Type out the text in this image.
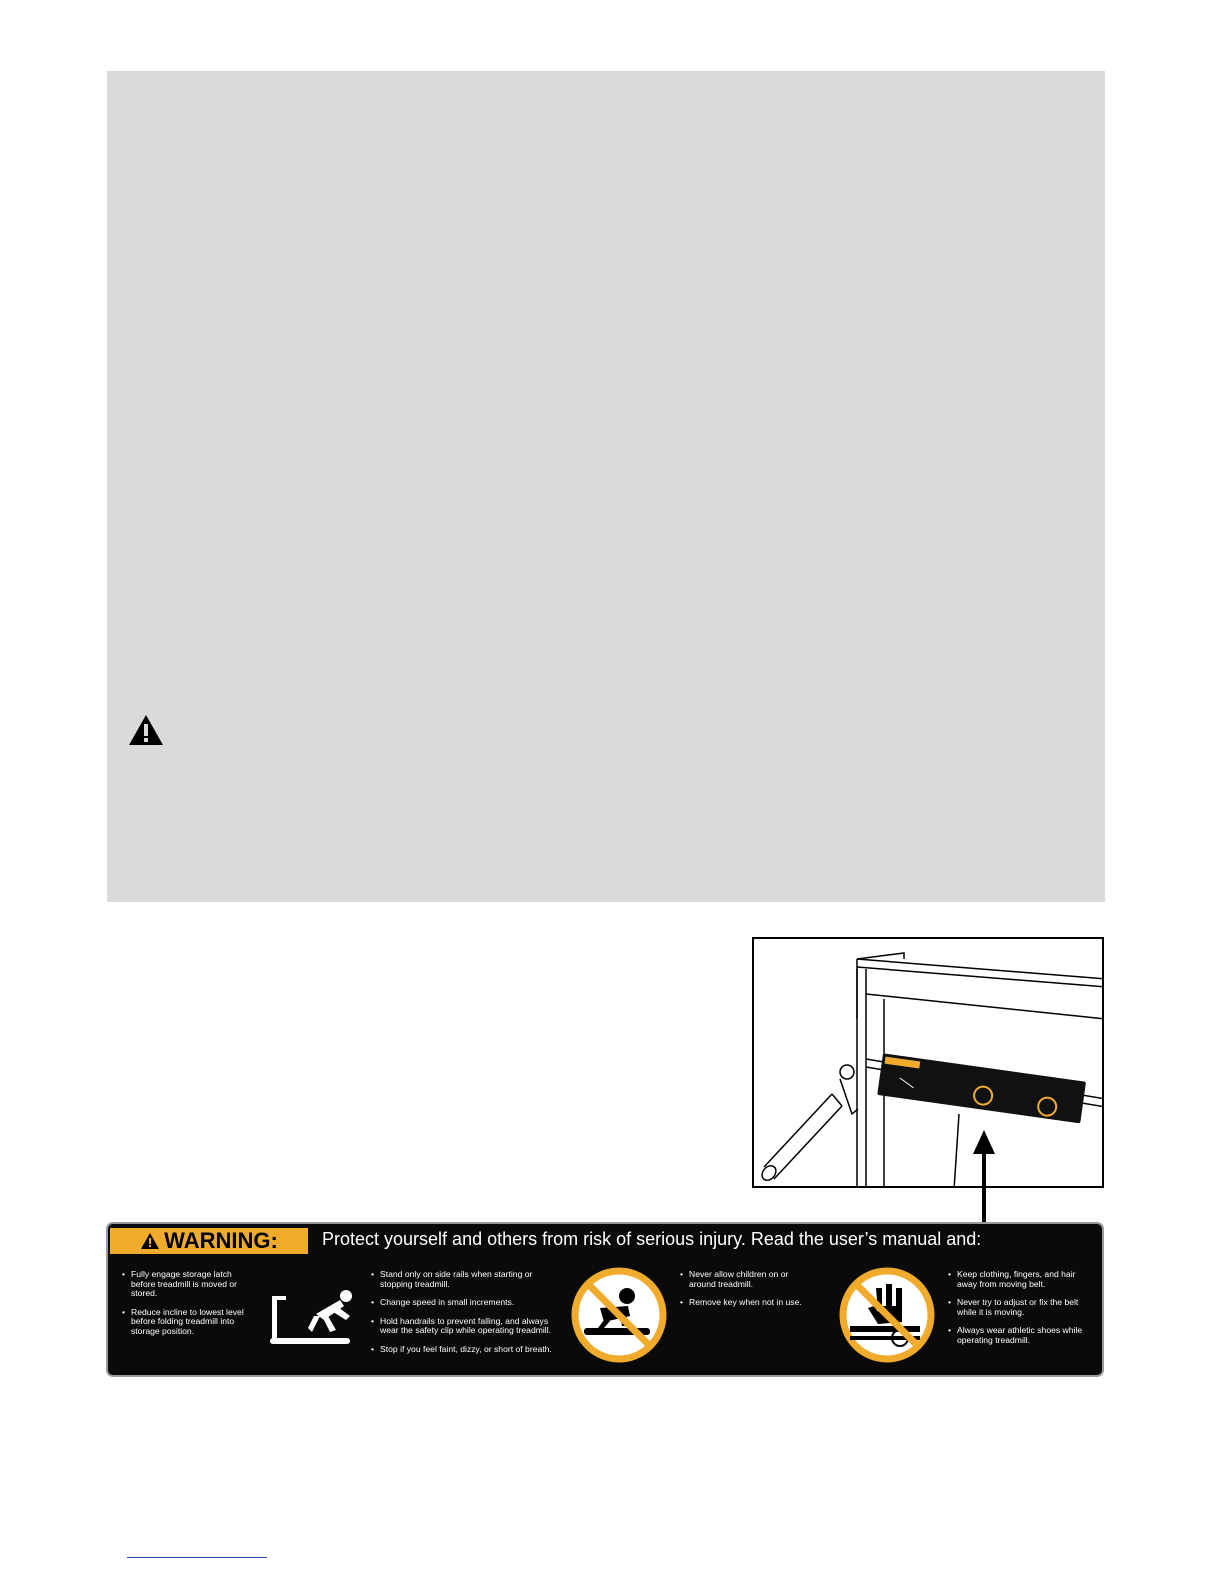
WARNING: Protect yourself and others from risk of serious injury. Read the user’s manual and:

• Fully engage storage latch before treadmill is moved or stored.

• Reduce incline to lowest level before folding treadmill into storage position.

• Stand only on side rails when starting or stopping treadmill.

• Change speed in small increments.

• Hold handrails to prevent falling, and always wear the safety clip while operating treadmill.

• Stop if you feel faint, dizzy, or short of breath.

• Never allow children on or around treadmill.

• Remove key when not in use.

• Keep clothing, fingers, and hair away from moving belt.

• Never try to adjust or fix the belt while it is moving.

• Always wear athletic shoes while operating treadmill.
